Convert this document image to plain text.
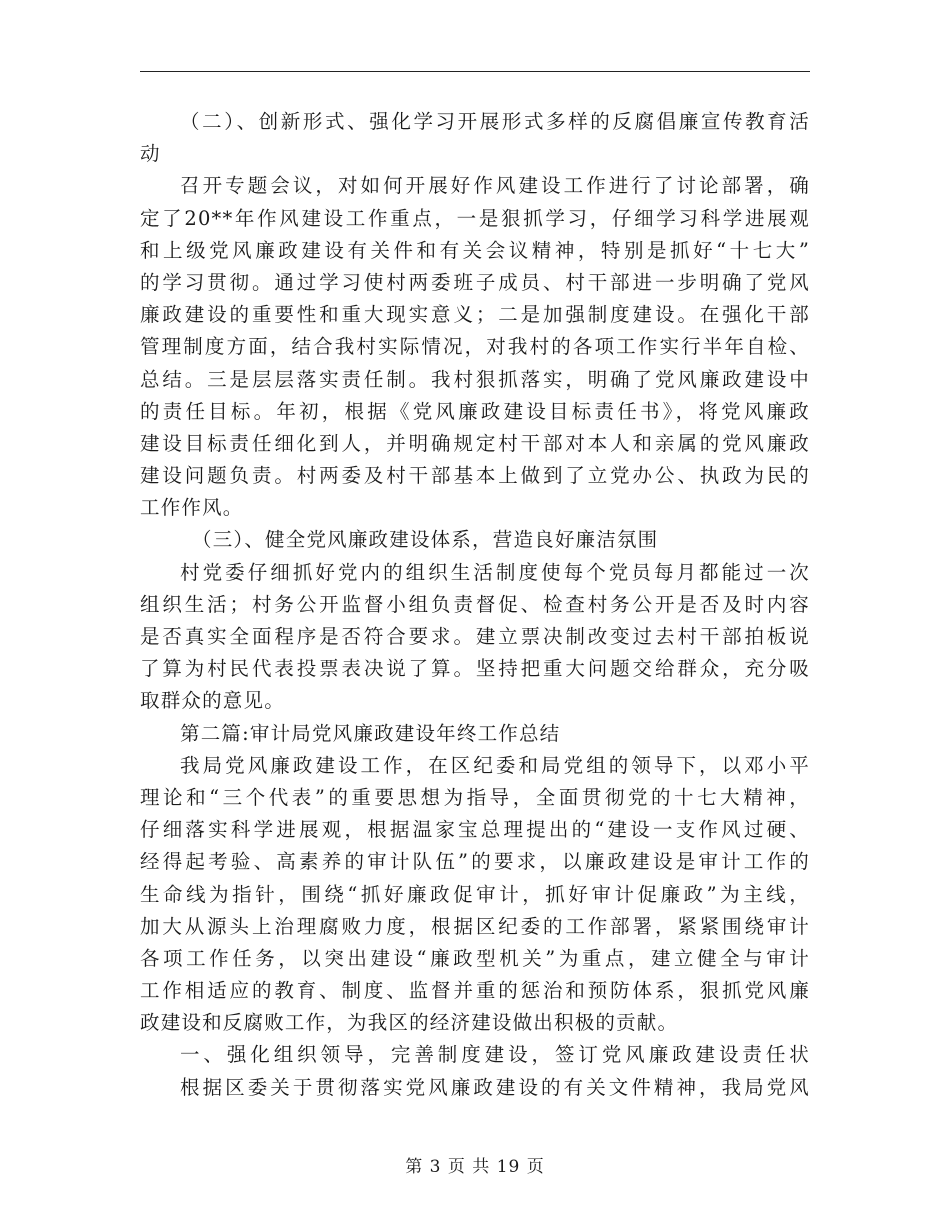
（二）、创新形式、强化学习开展形式多样的反腐倡廉宣传教育活
动
召开专题会议，对如何开展好作风建设工作进行了讨论部署，确
定了20**年作风建设工作重点，一是狠抓学习，仔细学习科学进展观
和上级党风廉政建设有关件和有关会议精神，特别是抓好“十七大”
的学习贯彻。通过学习使村两委班子成员、村干部进一步明确了党风
廉政建设的重要性和重大现实意义；二是加强制度建设。在强化干部
管理制度方面，结合我村实际情况，对我村的各项工作实行半年自检、
总结。三是层层落实责任制。我村狠抓落实，明确了党风廉政建设中
的责任目标。年初，根据《党风廉政建设目标责任书》，将党风廉政
建设目标责任细化到人，并明确规定村干部对本人和亲属的党风廉政
建设问题负责。村两委及村干部基本上做到了立党办公、执政为民的
工作作风。
（三）、健全党风廉政建设体系，营造良好廉洁氛围
村党委仔细抓好党内的组织生活制度使每个党员每月都能过一次
组织生活；村务公开监督小组负责督促、检查村务公开是否及时内容
是否真实全面程序是否符合要求。建立票决制改变过去村干部拍板说
了算为村民代表投票表决说了算。坚持把重大问题交给群众，充分吸
取群众的意见。
第二篇:审计局党风廉政建设年终工作总结
我局党风廉政建设工作，在区纪委和局党组的领导下，以邓小平
理论和“三个代表”的重要思想为指导，全面贯彻党的十七大精神，
仔细落实科学进展观，根据温家宝总理提出的“建设一支作风过硬、
经得起考验、高素养的审计队伍”的要求，以廉政建设是审计工作的
生命线为指针，围绕“抓好廉政促审计，抓好审计促廉政”为主线，
加大从源头上治理腐败力度，根据区纪委的工作部署，紧紧围绕审计
各项工作任务，以突出建设“廉政型机关”为重点，建立健全与审计
工作相适应的教育、制度、监督并重的惩治和预防体系，狠抓党风廉
政建设和反腐败工作，为我区的经济建设做出积极的贡献。
一、强化组织领导，完善制度建设，签订党风廉政建设责任状
根据区委关于贯彻落实党风廉政建设的有关文件精神，我局党风
第 3 页 共 19 页
